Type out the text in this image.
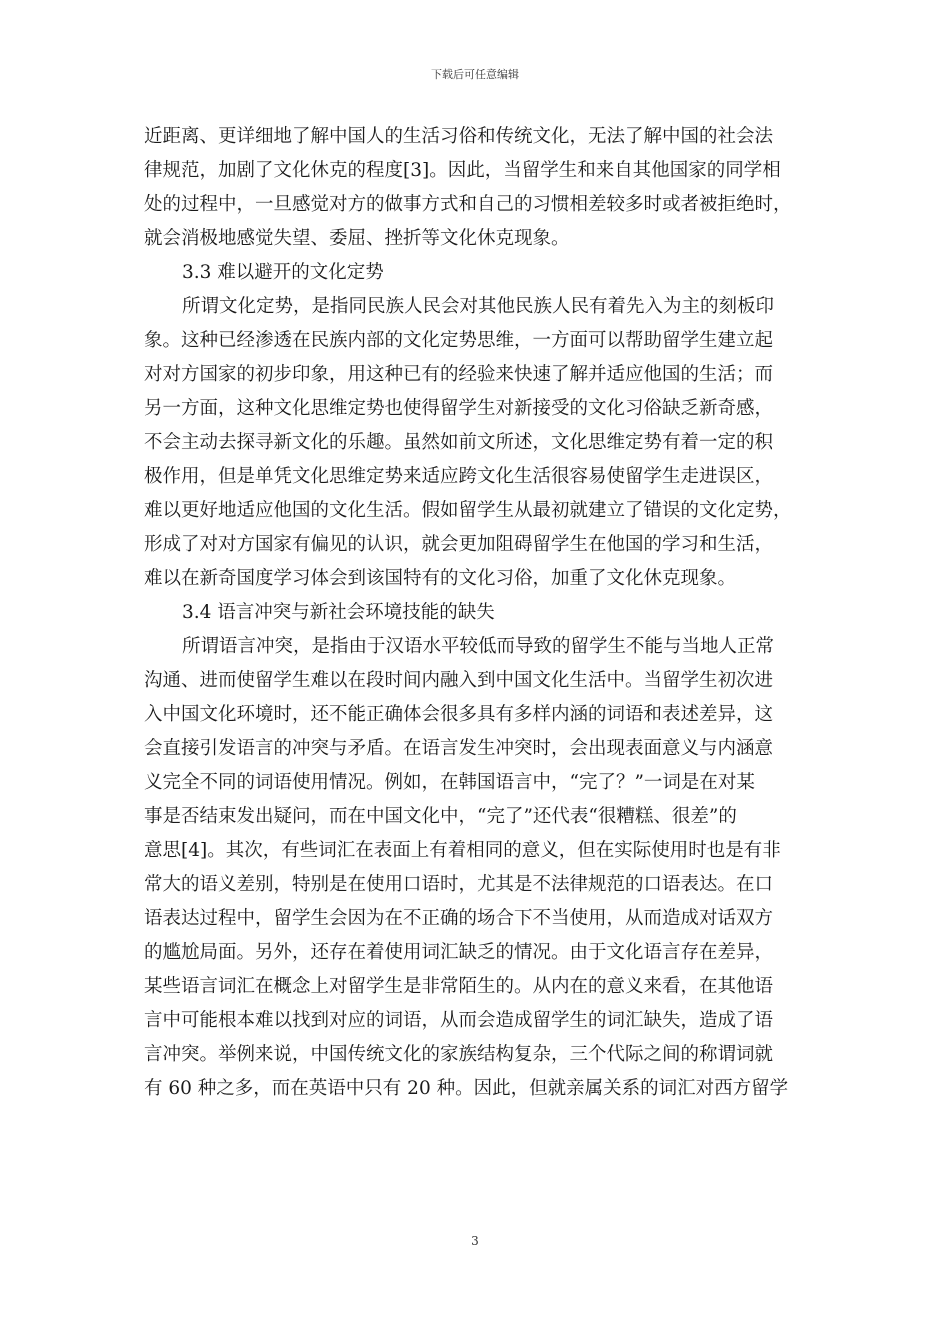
下载后可任意编辑
近距离、更详细地了解中国人的生活习俗和传统文化，无法了解中国的社会法
律规范，加剧了文化休克的程度[3]。因此，当留学生和来自其他国家的同学相
处的过程中，一旦感觉对方的做事方式和自己的习惯相差较多时或者被拒绝时，
就会消极地感觉失望、委屈、挫折等文化休克现象。
3.3 难以避开的文化定势
所谓文化定势，是指同民族人民会对其他民族人民有着先入为主的刻板印
象。这种已经渗透在民族内部的文化定势思维，一方面可以帮助留学生建立起
对对方国家的初步印象，用这种已有的经验来快速了解并适应他国的生活；而
另一方面，这种文化思维定势也使得留学生对新接受的文化习俗缺乏新奇感，
不会主动去探寻新文化的乐趣。虽然如前文所述，文化思维定势有着一定的积
极作用，但是单凭文化思维定势来适应跨文化生活很容易使留学生走进误区，
难以更好地适应他国的文化生活。假如留学生从最初就建立了错误的文化定势，
形成了对对方国家有偏见的认识，就会更加阻碍留学生在他国的学习和生活，
难以在新奇国度学习体会到该国特有的文化习俗，加重了文化休克现象。
3.4 语言冲突与新社会环境技能的缺失
所谓语言冲突，是指由于汉语水平较低而导致的留学生不能与当地人正常
沟通、进而使留学生难以在段时间内融入到中国文化生活中。当留学生初次进
入中国文化环境时，还不能正确体会很多具有多样内涵的词语和表述差异，这
会直接引发语言的冲突与矛盾。在语言发生冲突时，会出现表面意义与内涵意
义完全不同的词语使用情况。例如，在韩国语言中，“完了？”一词是在对某
事是否结束发出疑问，而在中国文化中，“完了”还代表“很糟糕、很差”的
意思[4]。其次，有些词汇在表面上有着相同的意义，但在实际使用时也是有非
常大的语义差别，特别是在使用口语时，尤其是不法律规范的口语表达。在口
语表达过程中，留学生会因为在不正确的场合下不当使用，从而造成对话双方
的尴尬局面。另外，还存在着使用词汇缺乏的情况。由于文化语言存在差异，
某些语言词汇在概念上对留学生是非常陌生的。从内在的意义来看，在其他语
言中可能根本难以找到对应的词语，从而会造成留学生的词汇缺失，造成了语
言冲突。举例来说，中国传统文化的家族结构复杂，三个代际之间的称谓词就
有 60 种之多，而在英语中只有 20 种。因此，但就亲属关系的词汇对西方留学
3
